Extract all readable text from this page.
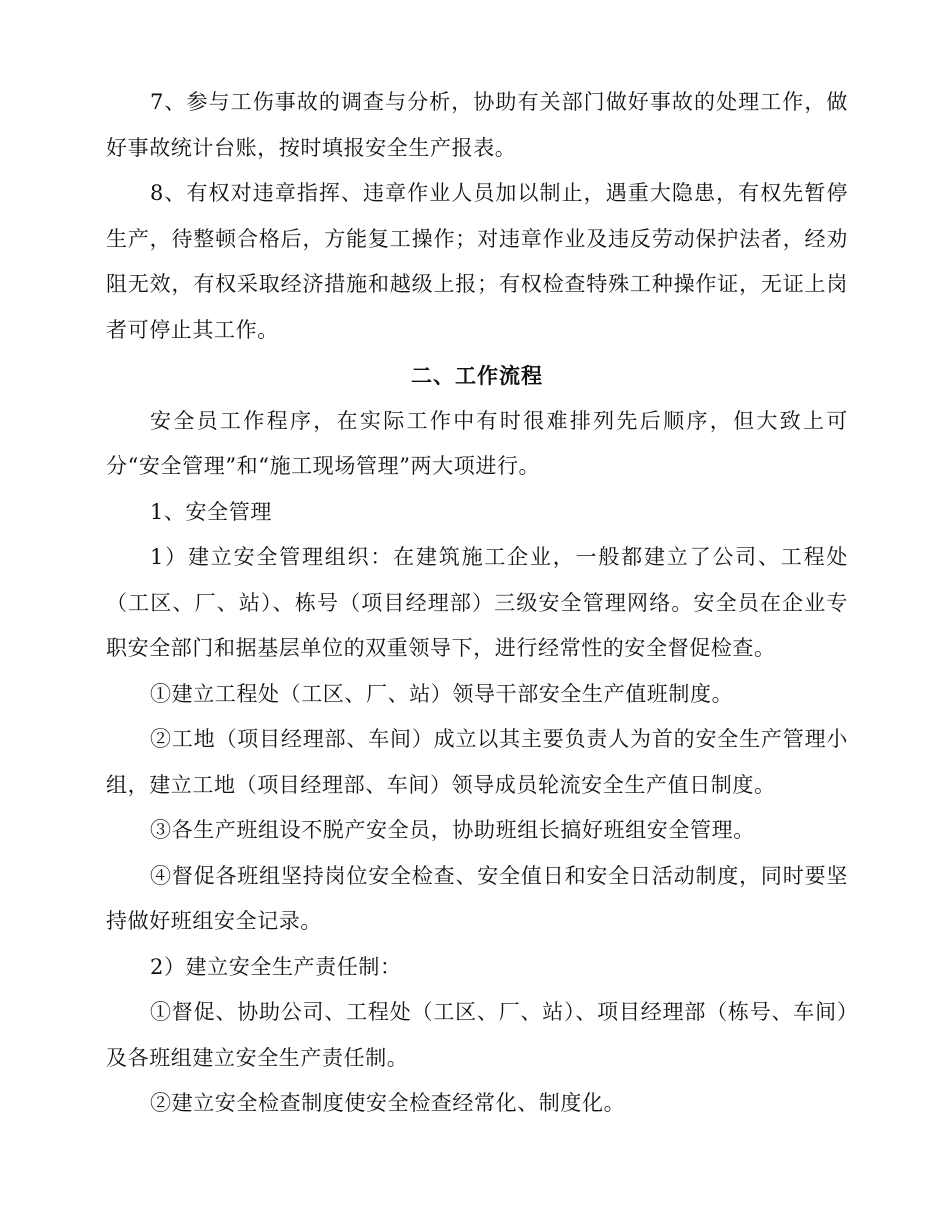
7、参与工伤事故的调查与分析，协助有关部门做好事故的处理工作，做好事故统计台账，按时填报安全生产报表。

8、有权对违章指挥、违章作业人员加以制止，遇重大隐患，有权先暂停生产，待整顿合格后，方能复工操作；对违章作业及违反劳动保护法者，经劝阻无效，有权采取经济措施和越级上报；有权检查特殊工种操作证，无证上岗者可停止其工作。

二、工作流程

安全员工作程序，在实际工作中有时很难排列先后顺序，但大致上可分“安全管理”和“施工现场管理”两大项进行。

1、安全管理

1）建立安全管理组织：在建筑施工企业，一般都建立了公司、工程处（工区、厂、站）、栋号（项目经理部）三级安全管理网络。安全员在企业专职安全部门和据基层单位的双重领导下，进行经常性的安全督促检查。

①建立工程处（工区、厂、站）领导干部安全生产值班制度。

②工地（项目经理部、车间）成立以其主要负责人为首的安全生产管理小组，建立工地（项目经理部、车间）领导成员轮流安全生产值日制度。

③各生产班组设不脱产安全员，协助班组长搞好班组安全管理。

④督促各班组坚持岗位安全检查、安全值日和安全日活动制度，同时要坚持做好班组安全记录。

2）建立安全生产责任制：

①督促、协助公司、工程处（工区、厂、站）、项目经理部（栋号、车间）及各班组建立安全生产责任制。

②建立安全检查制度使安全检查经常化、制度化。
